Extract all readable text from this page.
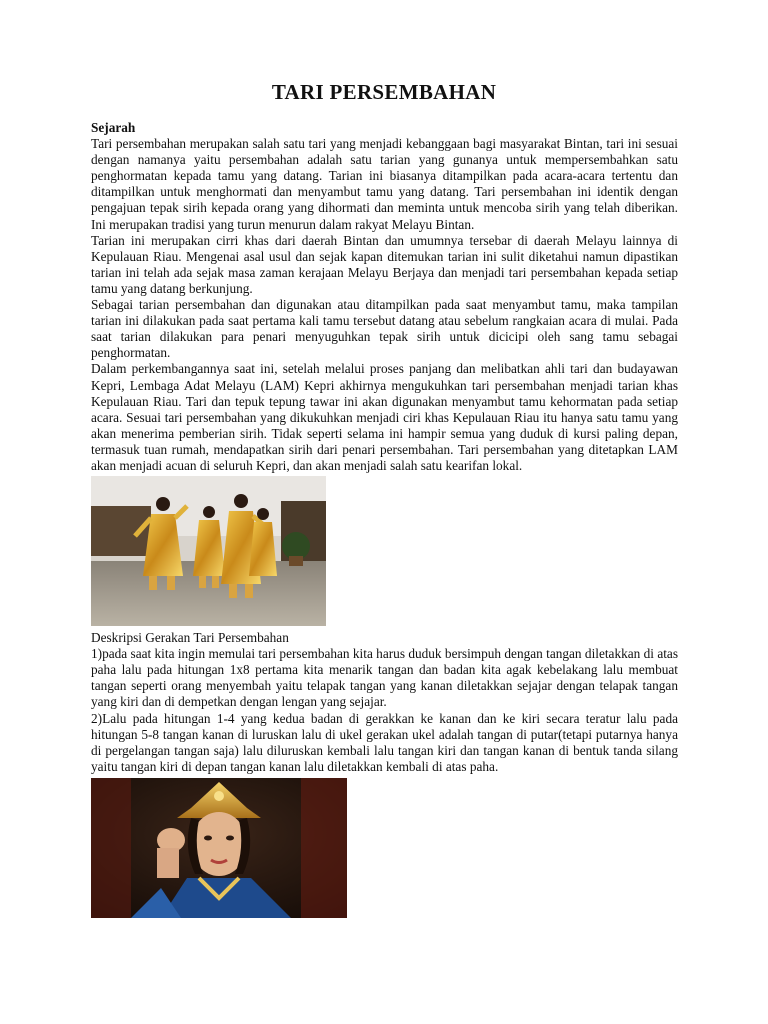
TARI PERSEMBAHAN

Sejarah

Tari persembahan merupakan salah satu tari yang menjadi kebanggaan bagi masyarakat Bintan, tari ini sesuai dengan namanya yaitu persembahan adalah satu tarian yang gunanya untuk mempersembahkan satu penghormatan kepada tamu yang datang. Tarian ini biasanya ditampilkan pada acara-acara tertentu dan ditampilkan untuk menghormati dan menyambut tamu yang datang. Tari persembahan ini identik dengan pengajuan tepak sirih kepada orang yang dihormati dan meminta untuk mencoba sirih yang telah diberikan. Ini merupakan tradisi yang turun menurun dalam rakyat Melayu Bintan.

Tarian ini merupakan cirri khas dari daerah Bintan dan umumnya tersebar di daerah Melayu lainnya di Kepulauan Riau. Mengenai asal usul dan sejak kapan ditemukan tarian ini sulit diketahui namun dipastikan tarian ini telah ada sejak masa zaman kerajaan Melayu Berjaya dan menjadi tari persembahan kepada setiap tamu yang datang berkunjung.

Sebagai tarian persembahan dan digunakan atau ditampilkan pada saat menyambut tamu, maka tampilan tarian ini dilakukan pada saat pertama kali tamu tersebut datang atau sebelum rangkaian acara di mulai. Pada saat tarian dilakukan para penari menyuguhkan tepak sirih untuk dicicipi oleh sang tamu sebagai penghormatan.

Dalam perkembangannya saat ini, setelah melalui proses panjang dan melibatkan ahli tari dan budayawan Kepri, Lembaga Adat Melayu (LAM) Kepri akhirnya mengukuhkan tari persembahan menjadi tarian khas Kepulauan Riau. Tari dan tepuk tepung tawar ini akan digunakan menyambut tamu kehormatan pada setiap acara. Sesuai tari persembahan yang dikukuhkan menjadi ciri khas Kepulauan Riau itu hanya satu tamu yang akan menerima pemberian sirih. Tidak seperti selama ini hampir semua yang duduk di kursi paling depan, termasuk tuan rumah, mendapatkan sirih dari penari persembahan. Tari persembahan yang ditetapkan LAM akan menjadi acuan di seluruh Kepri, dan akan menjadi salah satu kearifan lokal.

Deskripsi Gerakan Tari Persembahan

1)pada saat kita ingin memulai tari persembahan kita harus duduk bersimpuh dengan tangan diletakkan di atas paha lalu pada hitungan 1x8 pertama kita menarik tangan dan badan kita agak kebelakang lalu membuat tangan seperti orang menyembah yaitu telapak tangan yang kanan diletakkan sejajar dengan telapak tangan yang kiri dan di dempetkan dengan lengan yang sejajar.

2)Lalu pada hitungan 1-4 yang kedua badan di gerakkan ke kanan dan ke kiri secara teratur lalu pada hitungan 5-8 tangan kanan di luruskan lalu di ukel gerakan ukel adalah tangan di putar(tetapi putarnya hanya di pergelangan tangan saja) lalu diluruskan kembali lalu tangan kiri dan tangan kanan di bentuk tanda silang yaitu tangan kiri di depan tangan kanan lalu diletakkan kembali di atas paha.
